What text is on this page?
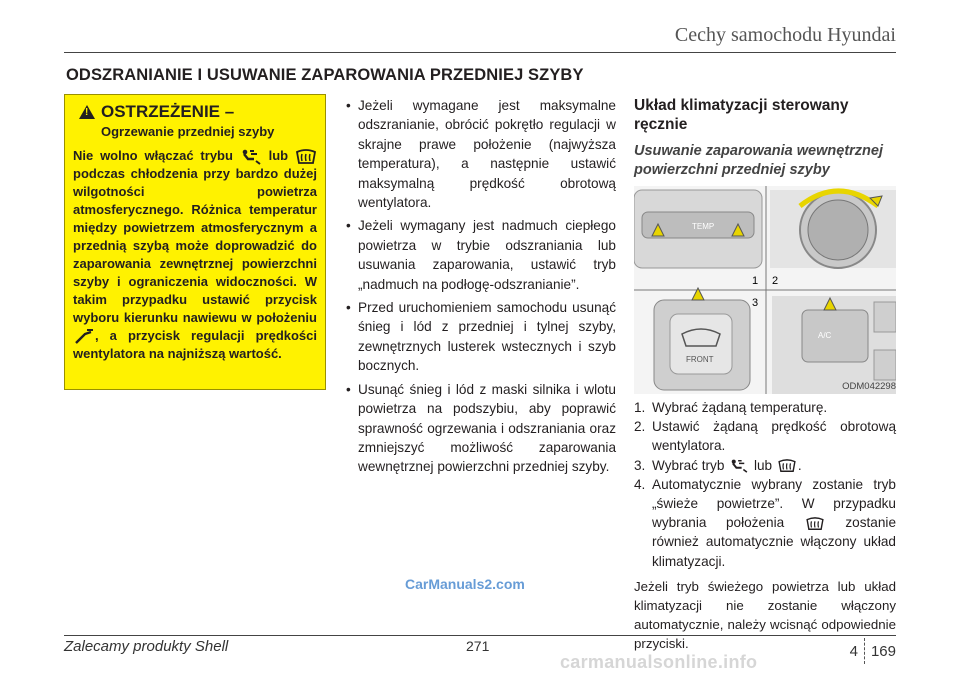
Cechy samochodu Hyundai
ODSZRANIANIE I USUWANIE ZAPAROWANIA PRZEDNIEJ SZYBY
! OSTRZEŻENIE –
Ogrzewanie przedniej szyby
Nie wolno włączać trybu	lub  podczas chłodzenia przy bardzo dużej wilgotności powietrza atmosferycznego. Różnica temperatur między powietrzem atmosferycznym a przednią szybą może doprowadzić do zaparowania zewnętrznej powierzchni szyby i ograniczenia widoczności. W takim przypadku ustawić przycisk wyboru kierunku nawiewu w położeniu , a przycisk regulacji prędkości wentylatora na najniższą wartość.
• Jeżeli wymagane jest maksymalne odszranianie, obrócić pokrętło regulacji w skrajne prawe położenie (najwyższa temperatura), a następnie ustawić maksymalną prędkość obrotową wentylatora.
• Jeżeli wymagany jest nadmuch ciepłego powietrza w trybie odszraniania lub usuwania zaparowania, ustawić tryb „nadmuch na podłogę-odszranianie”.
• Przed uruchomieniem samochodu usunąć śnieg i lód z przedniej i tylnej szyby, zewnętrznych lusterek wstecznych i szyb bocznych.
• Usunąć śnieg i lód z maski silnika i wlotu powietrza na podszybiu, aby poprawić sprawność ogrzewania i odszraniania oraz zmniejszyć możliwość zaparowania wewnętrznej powierzchni przedniej szyby.
Układ klimatyzacji sterowany ręcznie
Usuwanie zaparowania wewnętrznej powierzchni przedniej szyby
TEMP
1 2
3
FRONT
A/C
ODM042298
1. Wybrać żądaną temperaturę.
2. Ustawić żądaną prędkość obrotową wentylatora.
3. Wybrać tryb lub .
4. Automatycznie wybrany zostanie tryb „świeże powietrze”. W przypadku wybrania położenia	zostanie również automatycznie włączony układ klimatyzacji.
Jeżeli tryb świeżego powietrza lub układ klimatyzacji nie zostanie włączony automatycznie, należy wcisnąć odpowiednie przyciski.
CarManuals2.com
Zalecamy produkty Shell	271	4 169
carmanualsonline.info
